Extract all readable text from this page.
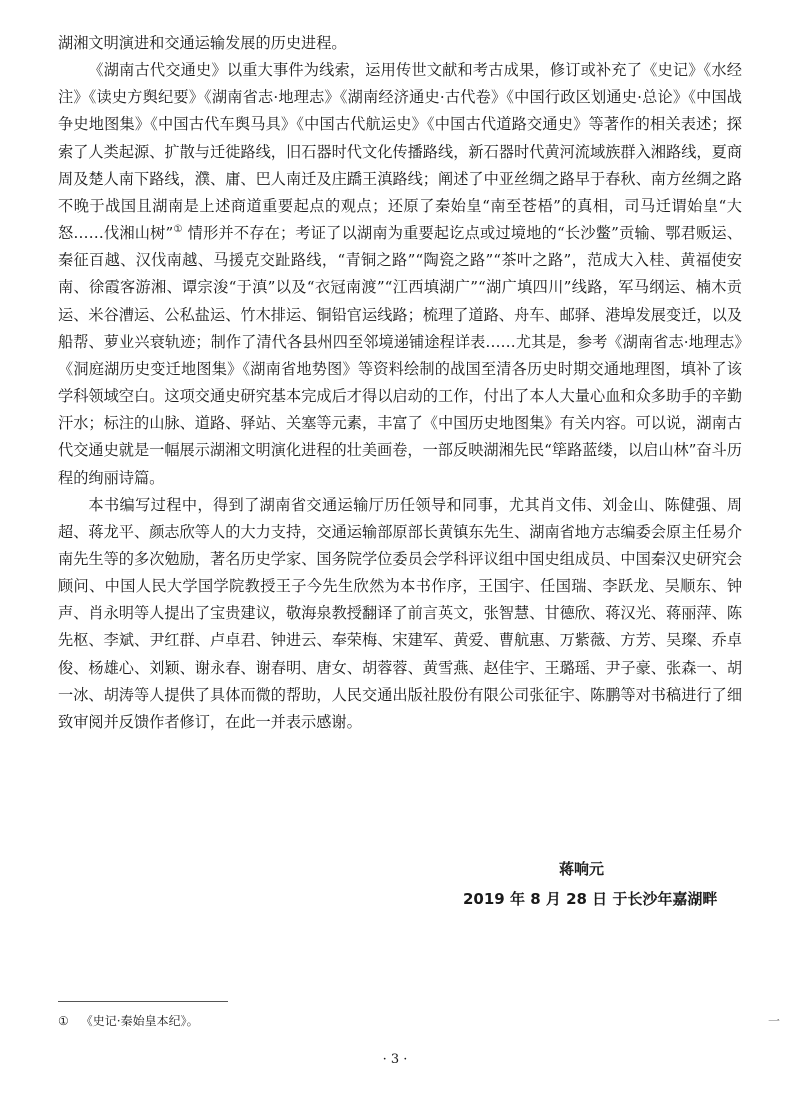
湖湘文明演进和交通运输发展的历史进程。

《湖南古代交通史》以重大事件为线索，运用传世文献和考古成果，修订或补充了《史记》《水经注》《读史方舆纪要》《湖南省志·地理志》《湖南经济通史·古代卷》《中国行政区划通史·总论》《中国战争史地图集》《中国古代车舆马具》《中国古代航运史》《中国古代道路交通史》等著作的相关表述；探索了人类起源、扩散与迁徙路线，旧石器时代文化传播路线，新石器时代黄河流域族群入湘路线，夏商周及楚人南下路线，濮、庸、巴人南迁及庄蹻王滇路线；阐述了中亚丝绸之路早于春秋、南方丝绸之路不晚于战国且湖南是上述商道重要起点的观点；还原了秦始皇“南至苍梧”的真相，司马迁谓始皇“大怒……伐湘山树”① 情形并不存在；考证了以湖南为重要起讫点或过境地的“长沙鳖”贡输、鄂君贩运、秦征百越、汉伐南越、马援克交趾路线，“青铜之路”“陶瓷之路”“茶叶之路”，范成大入桂、黄福使安南、徐霞客游湘、谭宗浚“于滇”以及“衣冠南渡”“江西填湖广”“湖广填四川”线路，军马纲运、楠木贡运、米谷漕运、公私盐运、竹木排运、铜铅官运线路；梳理了道路、舟车、邮驿、港埠发展变迁，以及船帮、萝业兴衰轨迹；制作了清代各县州四至邻境递铺途程详表……尤其是，参考《湖南省志·地理志》《洞庭湖历史变迁地图集》《湖南省地势图》等资料绘制的战国至清各历史时期交通地理图，填补了该学科领域空白。这项交通史研究基本完成后才得以启动的工作，付出了本人大量心血和众多助手的辛勤汗水；标注的山脉、道路、驿站、关塞等元素，丰富了《中国历史地图集》有关内容。可以说，湖南古代交通史就是一幅展示湖湘文明演化进程的壮美画卷，一部反映湖湘先民“筚路蓝缕，以启山林”奋斗历程的绚丽诗篇。

本书编写过程中，得到了湖南省交通运输厅历任领导和同事，尤其肖文伟、刘金山、陈健强、周超、蒋龙平、颜志欣等人的大力支持，交通运输部原部长黄镇东先生、湖南省地方志编委会原主任易介南先生等的多次勉励，著名历史学家、国务院学位委员会学科评议组中国史组成员、中国秦汉史研究会顾问、中国人民大学国学院教授王子今先生欣然为本书作序，王国宇、任国瑞、李跃龙、吴顺东、钟声、肖永明等人提出了宝贵建议，敬海泉教授翻译了前言英文，张智慧、甘德欣、蒋汉光、蒋丽萍、陈先枢、李斌、尹红群、卢卓君、钟进云、奉荣梅、宋建军、黄爱、曹航惠、万紫薇、方芳、吴璨、乔卓俊、杨雄心、刘颖、谢永春、谢春明、唐女、胡蓉蓉、黄雪燕、赵佳宇、王璐瑶、尹子豪、张森一、胡一冰、胡涛等人提供了具体而微的帮助，人民交通出版社股份有限公司张征宇、陈鹏等对书稿进行了细致审阅并反馈作者修订，在此一并表示感谢。

蒋响元
2019 年 8 月 28 日 于长沙年嘉湖畔
① 《史记·秦始皇本纪》。	一
· 3 ·
